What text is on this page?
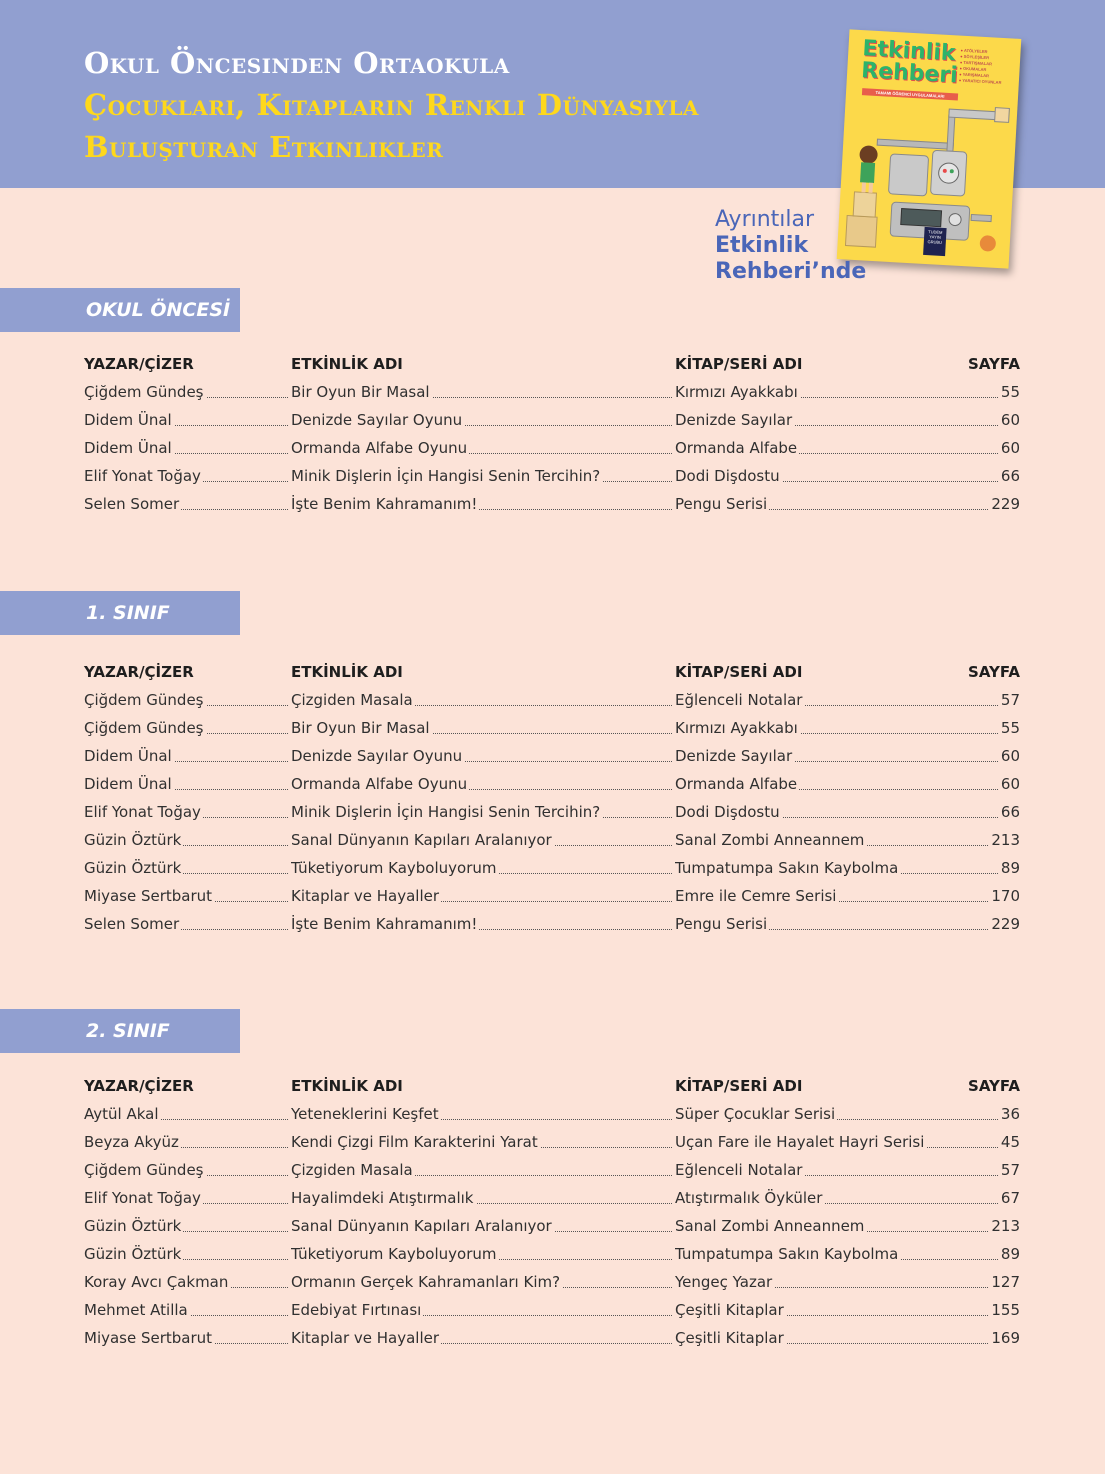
Okul Öncesinden Ortaokula
Çocukları, Kitapların Renkli Dünyasıyla
Buluşturan Etkinlikler
Etkinlik
Rehberi
● ATÖLYELER
● SÖYLEŞİLER
● TARTIŞMALAR
● OKUMALAR
● YARIŞMALAR
● YARATICI OYUNLAR
TAMAMI ÖĞRENCİ UYGULAMALARI
TUDEM YAYIN GRUBU
Ayrıntılar
Etkinlik
Rehberi’nde
OKUL ÖNCESİ
1. SINIF
2. SINIF
YAZAR/ÇİZER	ETKİNLİK ADI	KİTAP/SERİ ADI	SAYFA
Çiğdem Gündeş	Bir Oyun Bir Masal	Kırmızı Ayakkabı	55
Didem Ünal	Denizde Sayılar Oyunu	Denizde Sayılar	60
Didem Ünal	Ormanda Alfabe Oyunu	Ormanda Alfabe	60
Elif Yonat Toğay	Minik Dişlerin İçin Hangisi Senin Tercihin?	Dodi Dişdostu	66
Selen Somer	İşte Benim Kahramanım!	Pengu Serisi	229
YAZAR/ÇİZER	ETKİNLİK ADI	KİTAP/SERİ ADI	SAYFA
Çiğdem Gündeş	Çizgiden Masala	Eğlenceli Notalar	57
Çiğdem Gündeş	Bir Oyun Bir Masal	Kırmızı Ayakkabı	55
Didem Ünal	Denizde Sayılar Oyunu	Denizde Sayılar	60
Didem Ünal	Ormanda Alfabe Oyunu	Ormanda Alfabe	60
Elif Yonat Toğay	Minik Dişlerin İçin Hangisi Senin Tercihin?	Dodi Dişdostu	66
Güzin Öztürk	Sanal Dünyanın Kapıları Aralanıyor	Sanal Zombi Anneannem	213
Güzin Öztürk	Tüketiyorum Kayboluyorum	Tumpatumpa Sakın Kaybolma	89
Miyase Sertbarut	Kitaplar ve Hayaller	Emre ile Cemre Serisi	170
Selen Somer	İşte Benim Kahramanım!	Pengu Serisi	229
YAZAR/ÇİZER	ETKİNLİK ADI	KİTAP/SERİ ADI	SAYFA
Aytül Akal	Yeteneklerini Keşfet	Süper Çocuklar Serisi	36
Beyza Akyüz	Kendi Çizgi Film Karakterini Yarat	Uçan Fare ile Hayalet Hayri Serisi	45
Çiğdem Gündeş	Çizgiden Masala	Eğlenceli Notalar	57
Elif Yonat Toğay	Hayalimdeki Atıştırmalık	Atıştırmalık Öyküler	67
Güzin Öztürk	Sanal Dünyanın Kapıları Aralanıyor	Sanal Zombi Anneannem	213
Güzin Öztürk	Tüketiyorum Kayboluyorum	Tumpatumpa Sakın Kaybolma	89
Koray Avcı Çakman	Ormanın Gerçek Kahramanları Kim?	Yengeç Yazar	127
Mehmet Atilla	Edebiyat Fırtınası	Çeşitli Kitaplar	155
Miyase Sertbarut	Kitaplar ve Hayaller	Çeşitli Kitaplar	169
